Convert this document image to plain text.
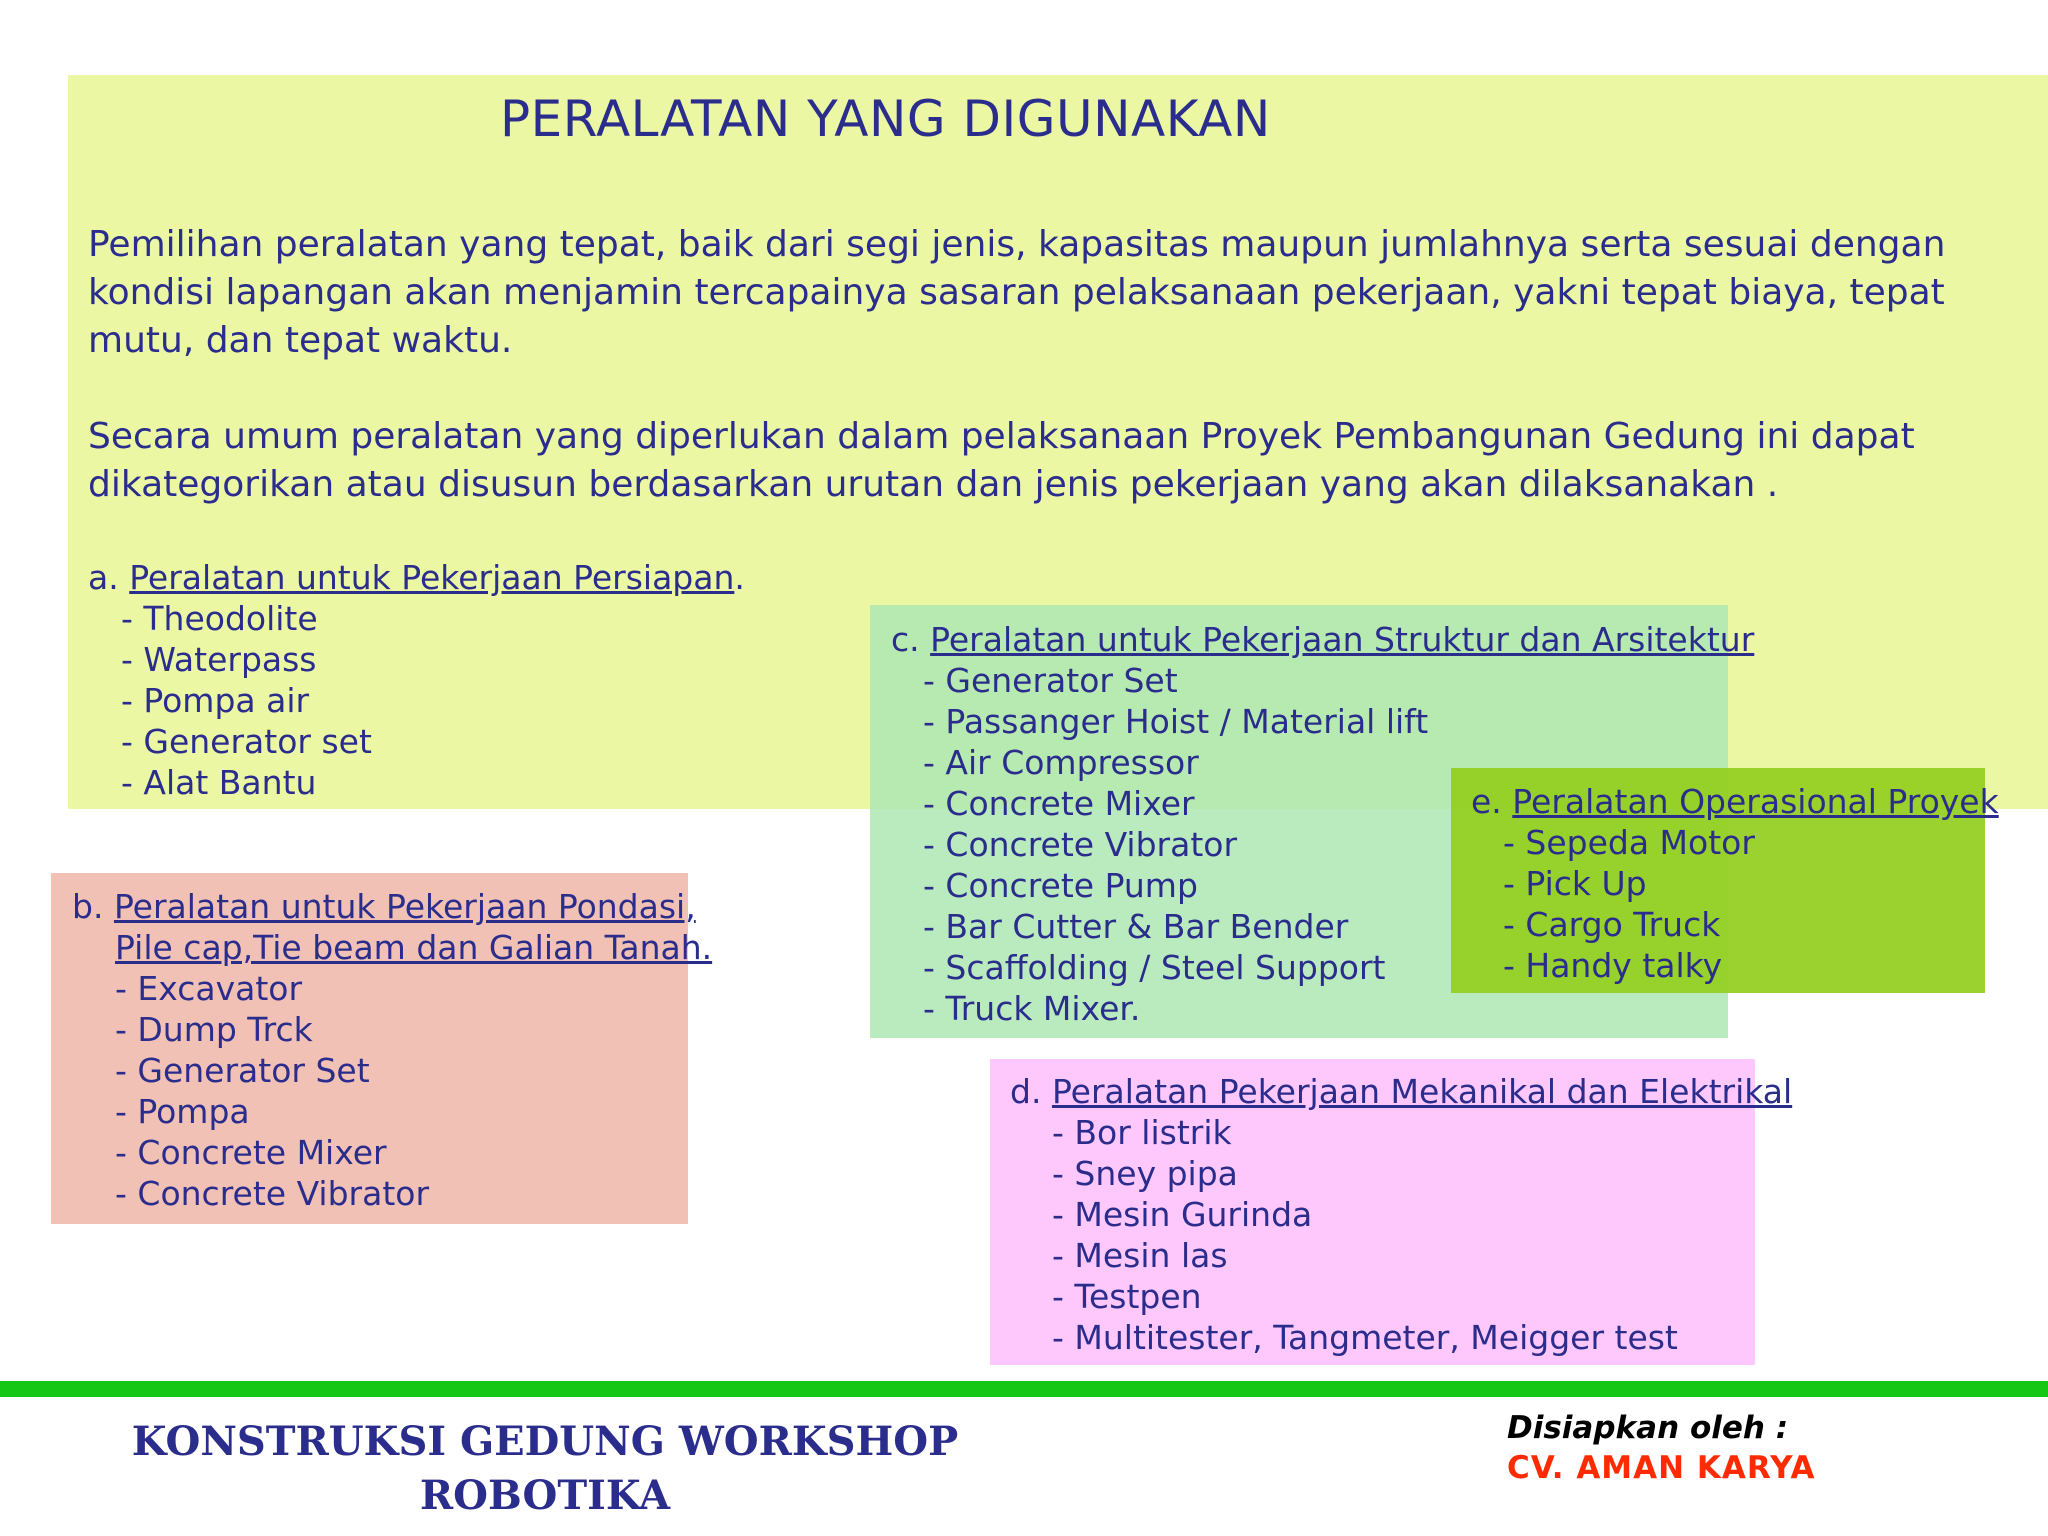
PERALATAN YANG DIGUNAKAN

Pemilihan peralatan yang tepat, baik dari segi jenis, kapasitas maupun jumlahnya serta sesuai dengan kondisi lapangan akan menjamin tercapainya sasaran pelaksanaan pekerjaan, yakni tepat biaya, tepat mutu, dan tepat waktu.

Secara umum peralatan yang diperlukan dalam pelaksanaan Proyek Pembangunan Gedung ini dapat dikategorikan atau disusun berdasarkan urutan dan jenis pekerjaan yang akan dilaksanakan .

a. Peralatan untuk Pekerjaan Persiapan.
- Theodolite
- Waterpass
- Pompa air
- Generator set
- Alat Bantu
c. Peralatan untuk Pekerjaan Struktur dan Arsitektur
- Generator Set
- Passanger Hoist / Material lift
- Air Compressor
- Concrete Mixer
- Concrete Vibrator
- Concrete Pump
- Bar Cutter & Bar Bender
- Scaffolding / Steel Support
- Truck Mixer.
e. Peralatan Operasional Proyek
- Sepeda Motor
- Pick Up
- Cargo Truck
- Handy talky
b. Peralatan untuk Pekerjaan Pondasi,
Pile cap,Tie beam dan Galian Tanah.
- Excavator
- Dump Trck
- Generator Set
- Pompa
- Concrete Mixer
- Concrete Vibrator
d. Peralatan Pekerjaan Mekanikal dan Elektrikal
- Bor listrik
- Sney pipa
- Mesin Gurinda
- Mesin las
- Testpen
- Multitester, Tangmeter, Meigger test
KONSTRUKSI GEDUNG WORKSHOP
ROBOTIKA
Disiapkan oleh :
CV. AMAN KARYA
